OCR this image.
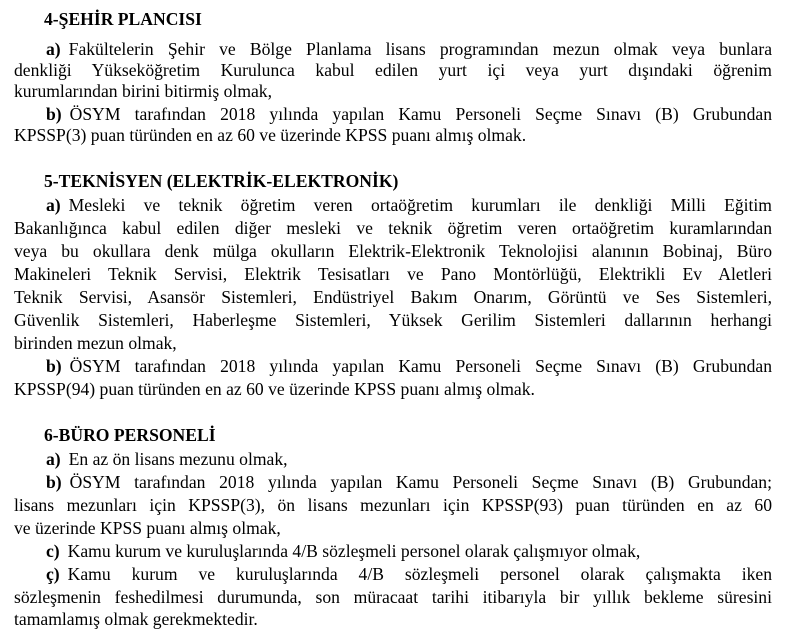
4-ŞEHİR PLANCISI
a) Fakültelerin Şehir ve Bölge Planlama lisans programından mezun olmak veya bunlara
denkliği Yükseköğretim Kurulunca kabul edilen yurt içi veya yurt dışındaki öğrenim
kurumlarından birini bitirmiş olmak,
b) ÖSYM tarafından 2018 yılında yapılan Kamu Personeli Seçme Sınavı (B) Grubundan
KPSSP(3) puan türünden en az 60 ve üzerinde KPSS puanı almış olmak.
5-TEKNİSYEN (ELEKTRİK-ELEKTRONİK)
a) Mesleki ve teknik öğretim veren ortaöğretim kurumları ile denkliği Milli Eğitim
Bakanlığınca kabul edilen diğer mesleki ve teknik öğretim veren ortaöğretim kuramlarından
veya bu okullara denk mülga okulların Elektrik-Elektronik Teknolojisi alanının Bobinaj, Büro
Makineleri Teknik Servisi, Elektrik Tesisatları ve Pano Montörlüğü, Elektrikli Ev Aletleri
Teknik Servisi, Asansör Sistemleri, Endüstriyel Bakım Onarım, Görüntü ve Ses Sistemleri,
Güvenlik Sistemleri, Haberleşme Sistemleri, Yüksek Gerilim Sistemleri dallarının herhangi
birinden mezun olmak,
b) ÖSYM tarafından 2018 yılında yapılan Kamu Personeli Seçme Sınavı (B) Grubundan
KPSSP(94) puan türünden en az 60 ve üzerinde KPSS puanı almış olmak.
6-BÜRO PERSONELİ
a) En az ön lisans mezunu olmak,
b) ÖSYM tarafından 2018 yılında yapılan Kamu Personeli Seçme Sınavı (B) Grubundan;
lisans mezunları için KPSSP(3), ön lisans mezunları için KPSSP(93) puan türünden en az 60
ve üzerinde KPSS puanı almış olmak,
c) Kamu kurum ve kuruluşlarında 4/B sözleşmeli personel olarak çalışmıyor olmak,
ç) Kamu kurum ve kuruluşlarında 4/B sözleşmeli personel olarak çalışmakta iken
sözleşmenin feshedilmesi durumunda, son müracaat tarihi itibarıyla bir yıllık bekleme süresini
tamamlamış olmak gerekmektedir.
